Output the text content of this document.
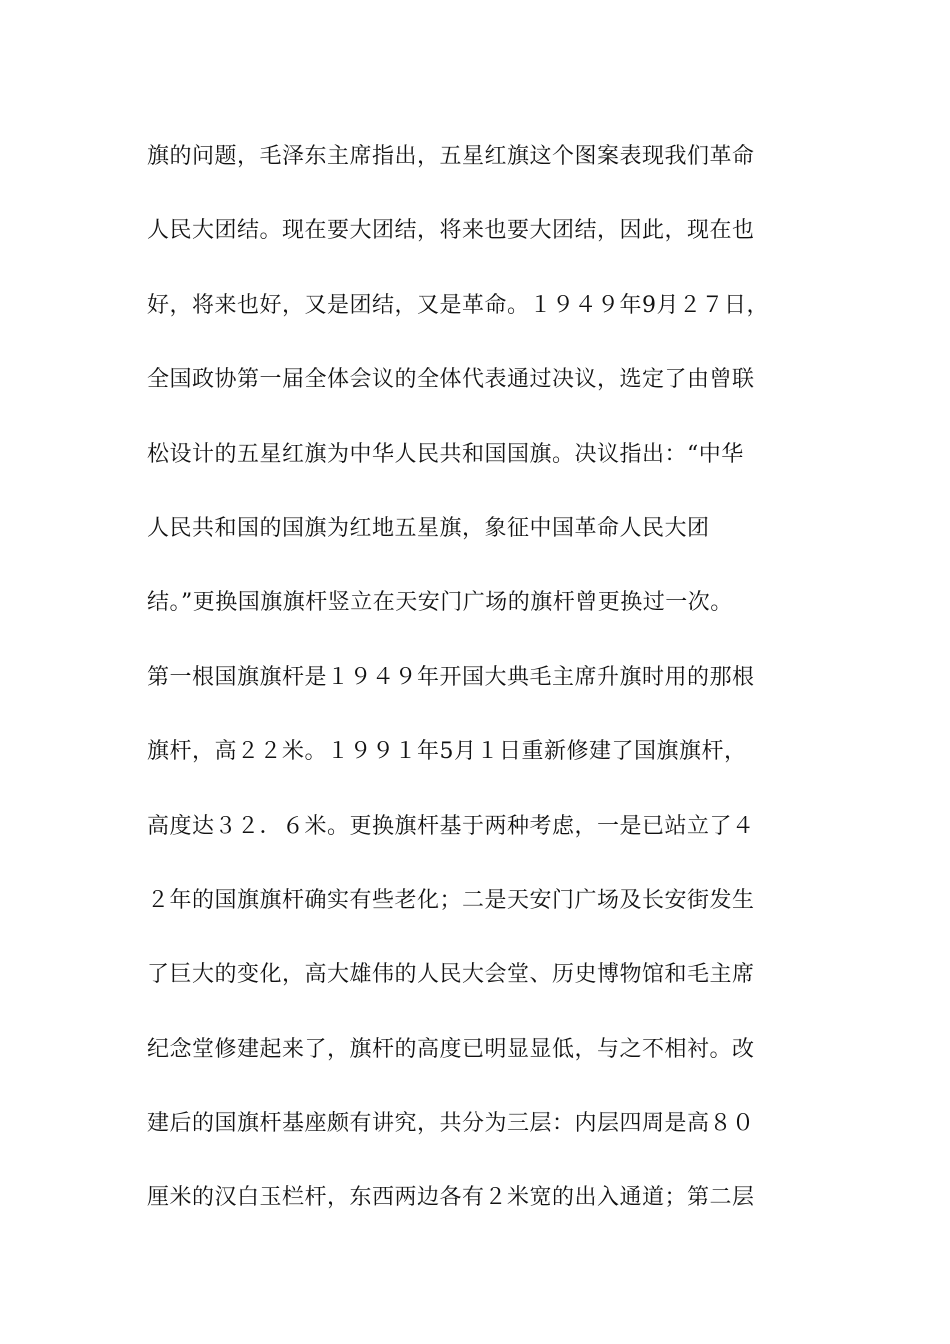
旗的问题，毛泽东主席指出，五星红旗这个图案表现我们革命
人民大团结。现在要大团结，将来也要大团结，因此，现在也
好，将来也好，又是团结，又是革命。１９４９年9月２７日，
全国政协第一届全体会议的全体代表通过决议，选定了由曾联
松设计的五星红旗为中华人民共和国国旗。决议指出：“中华
人民共和国的国旗为红地五星旗，象征中国革命人民大团
结。”更换国旗旗杆竖立在天安门广场的旗杆曾更换过一次。
第一根国旗旗杆是１９４９年开国大典毛主席升旗时用的那根
旗杆，高２２米。１９９１年5月１日重新修建了国旗旗杆，
高度达３２．６米。更换旗杆基于两种考虑，一是已站立了４
２年的国旗旗杆确实有些老化；二是天安门广场及长安街发生
了巨大的变化，高大雄伟的人民大会堂、历史博物馆和毛主席
纪念堂修建起来了，旗杆的高度已明显显低，与之不相衬。改
建后的国旗杆基座颇有讲究，共分为三层：内层四周是高８０
厘米的汉白玉栏杆，东西两边各有２米宽的出入通道；第二层
